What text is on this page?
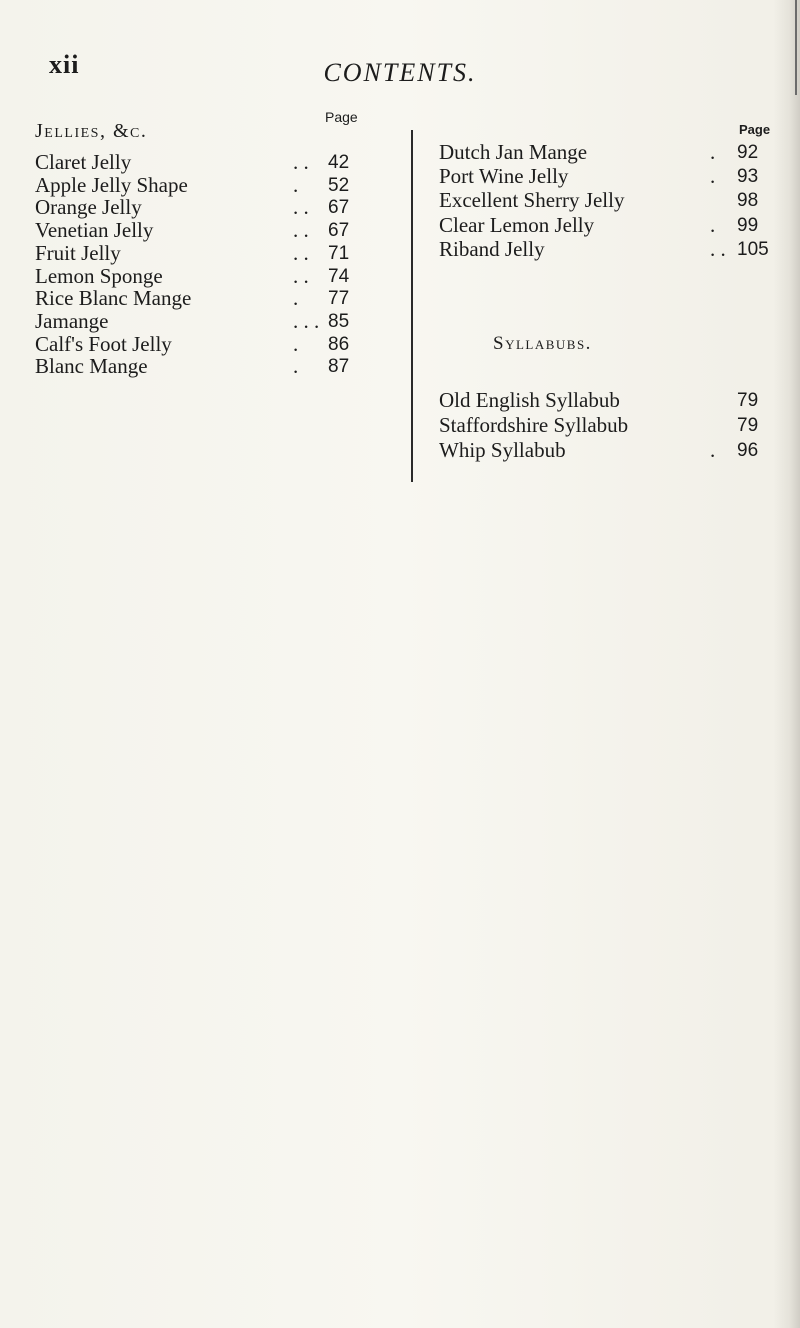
xii	CONTENTS.
Jellies, &c.
Page
Claret Jelly	. . 42
Apple Jelly Shape	. 52
Orange Jelly	. . 67
Venetian Jelly	. . 67
Fruit Jelly	. . 71
Lemon Sponge	. . 74
Rice Blanc Mange	. 77
Jamange	. . . 85
Calf's Foot Jelly	. 86
Blanc Mange	. 87
Page
Dutch Jan Mange	. 92
Port Wine Jelly	. 93
Excellent Sherry Jelly	98
Clear Lemon Jelly	. 99
Riband Jelly	. . 105
Syllabubs.
Old English Syllabub	79
Staffordshire Syllabub	79
Whip Syllabub	. 96
